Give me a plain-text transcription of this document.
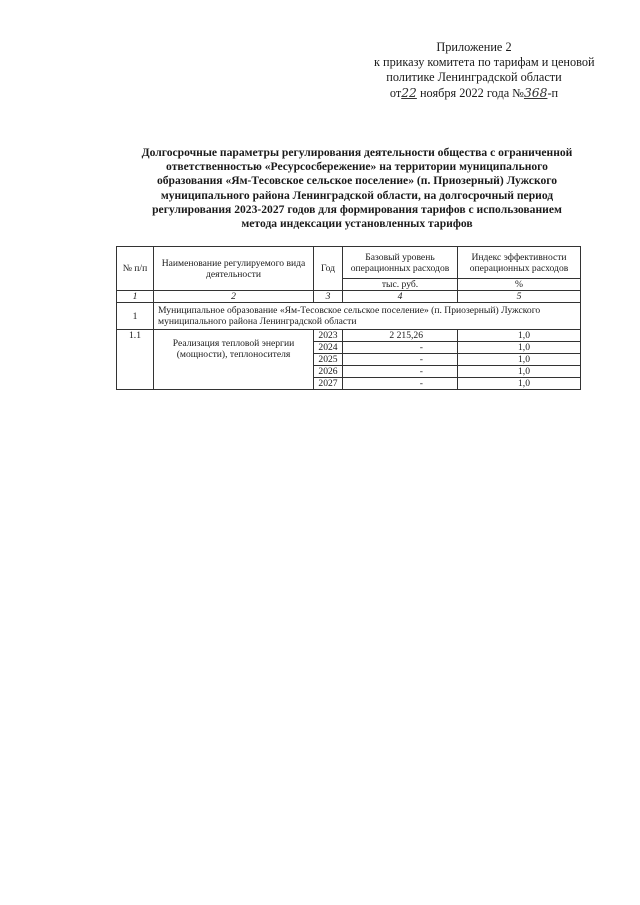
Приложение 2
к приказу комитета по тарифам и ценовой
политике Ленинградской области
от22 ноября 2022 года №368-п
Долгосрочные параметры регулирования деятельности общества с ограниченной
ответственностью «Ресурсосбережение» на территории муниципального
образования «Ям-Тесовское сельское поселение» (п. Приозерный) Лужского
муниципального района Ленинградской области, на долгосрочный период
регулирования 2023-2027 годов для формирования тарифов с использованием
метода индексации установленных тарифов
№ п/п	Наименование регулируемого вида деятельности	Год	Базовый уровень операционных расходов	Индекс эффективности операционных расходов
			тыс. руб.	%
1	2	3	4	5
1	Муниципальное образование «Ям-Тесовское сельское поселение» (п. Приозерный) Лужского муниципального района Ленинградской области			
1.1	Реализация тепловой энергии (мощности), теплоносителя	2023	2 215,26	1,0
		2024	-	1,0
		2025	-	1,0
		2026	-	1,0
		2027	-	1,0
